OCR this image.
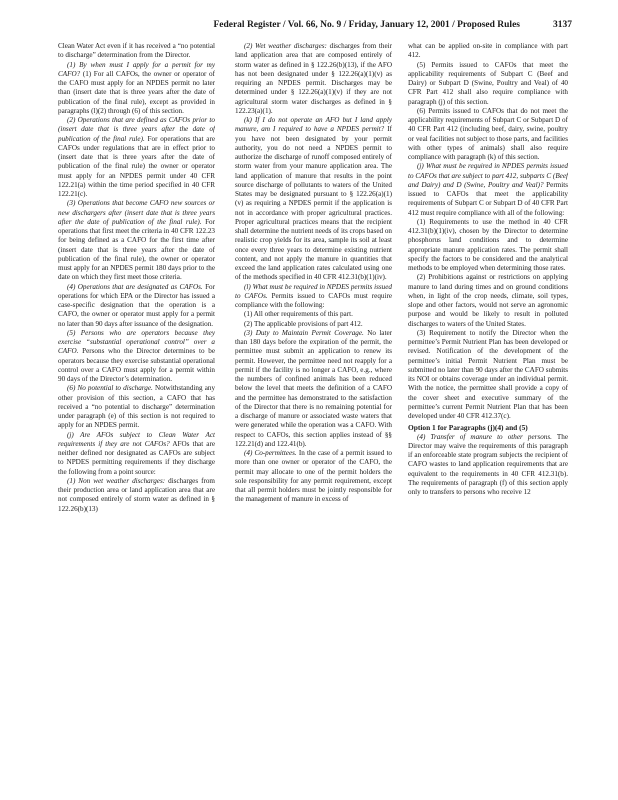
Federal Register / Vol. 66, No. 9 / Friday, January 12, 2001 / Proposed Rules	3137

Clean Water Act even if it has received a “no potential to discharge” determination from the Director.

(1) By when must I apply for a permit for my CAFO? (1) For all CAFOs, the owner or operator of the CAFO must apply for an NPDES permit no later than (insert date that is three years after the date of publication of the final rule), except as provided in paragraphs (l)(2) through (6) of this section.

(2) Operations that are defined as CAFOs prior to (insert date that is three years after the date of publication of the final rule). For operations that are CAFOs under regulations that are in effect prior to (insert date that is three years after the date of publication of the final rule) the owner or operator must apply for an NPDES permit under 40 CFR 122.21(a) within the time period specified in 40 CFR 122.21(c).

(3) Operations that become CAFO new sources or new dischargers after (insert date that is three years after the date of publication of the final rule). For operations that first meet the criteria in 40 CFR 122.23 for being defined as a CAFO for the first time after (insert date that is three years after the date of publication of the final rule), the owner or operator must apply for an NPDES permit 180 days prior to the date on which they first meet those criteria.

(4) Operations that are designated as CAFOs. For operations for which EPA or the Director has issued a case-specific designation that the operation is a CAFO, the owner or operator must apply for a permit no later than 90 days after issuance of the designation.

(5) Persons who are operators because they exercise “substantial operational control” over a CAFO. Persons who the Director determines to be operators because they exercise substantial operational control over a CAFO must apply for a permit within 90 days of the Director’s determination.

(6) No potential to discharge. Notwithstanding any other provision of this section, a CAFO that has received a “no potential to discharge” determination under paragraph (e) of this section is not required to apply for an NPDES permit.

(j) Are AFOs subject to Clean Water Act requirements if they are not CAFOs? AFOs that are neither defined nor designated as CAFOs are subject to NPDES permitting requirements if they discharge the following from a point source:

(1) Non wet weather discharges: discharges from their production area or land application area that are not composed entirely of storm water as defined in § 122.26(b)(13)

(2) Wet weather discharges: discharges from their land application area that are composed entirely of storm water as defined in § 122.26(b)(13), if the AFO has not been designated under § 122.26(a)(1)(v) as requiring an NPDES permit. Discharges may be determined under § 122.26(a)(1)(v) if they are not agricultural storm water discharges as defined in § 122.23(a)(1).

(k) If I do not operate an AFO but I land apply manure, am I required to have a NPDES permit? If you have not been designated by your permit authority, you do not need a NPDES permit to authorize the discharge of runoff composed entirely of storm water from your manure application area. The land application of manure that results in the point source discharge of pollutants to waters of the United States may be designated pursuant to § 122.26(a)(1)(v) as requiring a NPDES permit if the application is not in accordance with proper agricultural practices. Proper agricultural practices means that the recipient shall determine the nutrient needs of its crops based on realistic crop yields for its area, sample its soil at least once every three years to determine existing nutrient content, and not apply the manure in quantities that exceed the land application rates calculated using one of the methods specified in 40 CFR 412.31(b)(1)(iv).

(l) What must be required in NPDES permits issued to CAFOs. Permits issued to CAFOs must require compliance with the following:

(1) All other requirements of this part.

(2) The applicable provisions of part 412.

(3) Duty to Maintain Permit Coverage. No later than 180 days before the expiration of the permit, the permittee must submit an application to renew its permit. However, the permittee need not reapply for a permit if the facility is no longer a CAFO, e.g., where the numbers of confined animals has been reduced below the level that meets the definition of a CAFO and the permittee has demonstrated to the satisfaction of the Director that there is no remaining potential for a discharge of manure or associated waste waters that were generated while the operation was a CAFO. With respect to CAFOs, this section applies instead of §§ 122.21(d) and 122.41(b).

(4) Co-permittees. In the case of a permit issued to more than one owner or operator of the CAFO, the permit may allocate to one of the permit holders the sole responsibility for any permit requirement, except that all permit holders must be jointly responsible for the management of manure in excess of

what can be applied on-site in compliance with part 412.

(5) Permits issued to CAFOs that meet the applicability requirements of Subpart C (Beef and Dairy) or Subpart D (Swine, Poultry and Veal) of 40 CFR Part 412 shall also require compliance with paragraph (j) of this section.

(6) Permits issued to CAFOs that do not meet the applicability requirements of Subpart C or Subpart D of 40 CFR Part 412 (including beef, dairy, swine, poultry or veal facilities not subject to those parts, and facilities with other types of animals) shall also require compliance with paragraph (k) of this section.

(j) What must be required in NPDES permits issued to CAFOs that are subject to part 412, subparts C (Beef and Dairy) and D (Swine, Poultry and Veal)? Permits issued to CAFOs that meet the applicability requirements of Subpart C or Subpart D of 40 CFR Part 412 must require compliance with all of the following:

(1) Requirements to use the method in 40 CFR 412.31(b)(1)(iv), chosen by the Director to determine phosphorus land conditions and to determine appropriate manure application rates. The permit shall specify the factors to be considered and the analytical methods to be employed when determining those rates.

(2) Prohibitions against or restrictions on applying manure to land during times and on ground conditions when, in light of the crop needs, climate, soil types, slope and other factors, would not serve an agronomic purpose and would be likely to result in polluted discharges to waters of the United States.

(3) Requirement to notify the Director when the permittee’s Permit Nutrient Plan has been developed or revised. Notification of the development of the permittee’s initial Permit Nutrient Plan must be submitted no later than 90 days after the CAFO submits its NOI or obtains coverage under an individual permit. With the notice, the permittee shall provide a copy of the cover sheet and executive summary of the permittee’s current Permit Nutrient Plan that has been developed under 40 CFR 412.37(c).

Option 1 for Paragraphs (j)(4) and (5)

(4) Transfer of manure to other persons. The Director may waive the requirements of this paragraph if an enforceable state program subjects the recipient of CAFO wastes to land application requirements that are equivalent to the requirements in 40 CFR 412.31(b). The requirements of paragraph (f) of this section apply only to transfers to persons who receive 12
